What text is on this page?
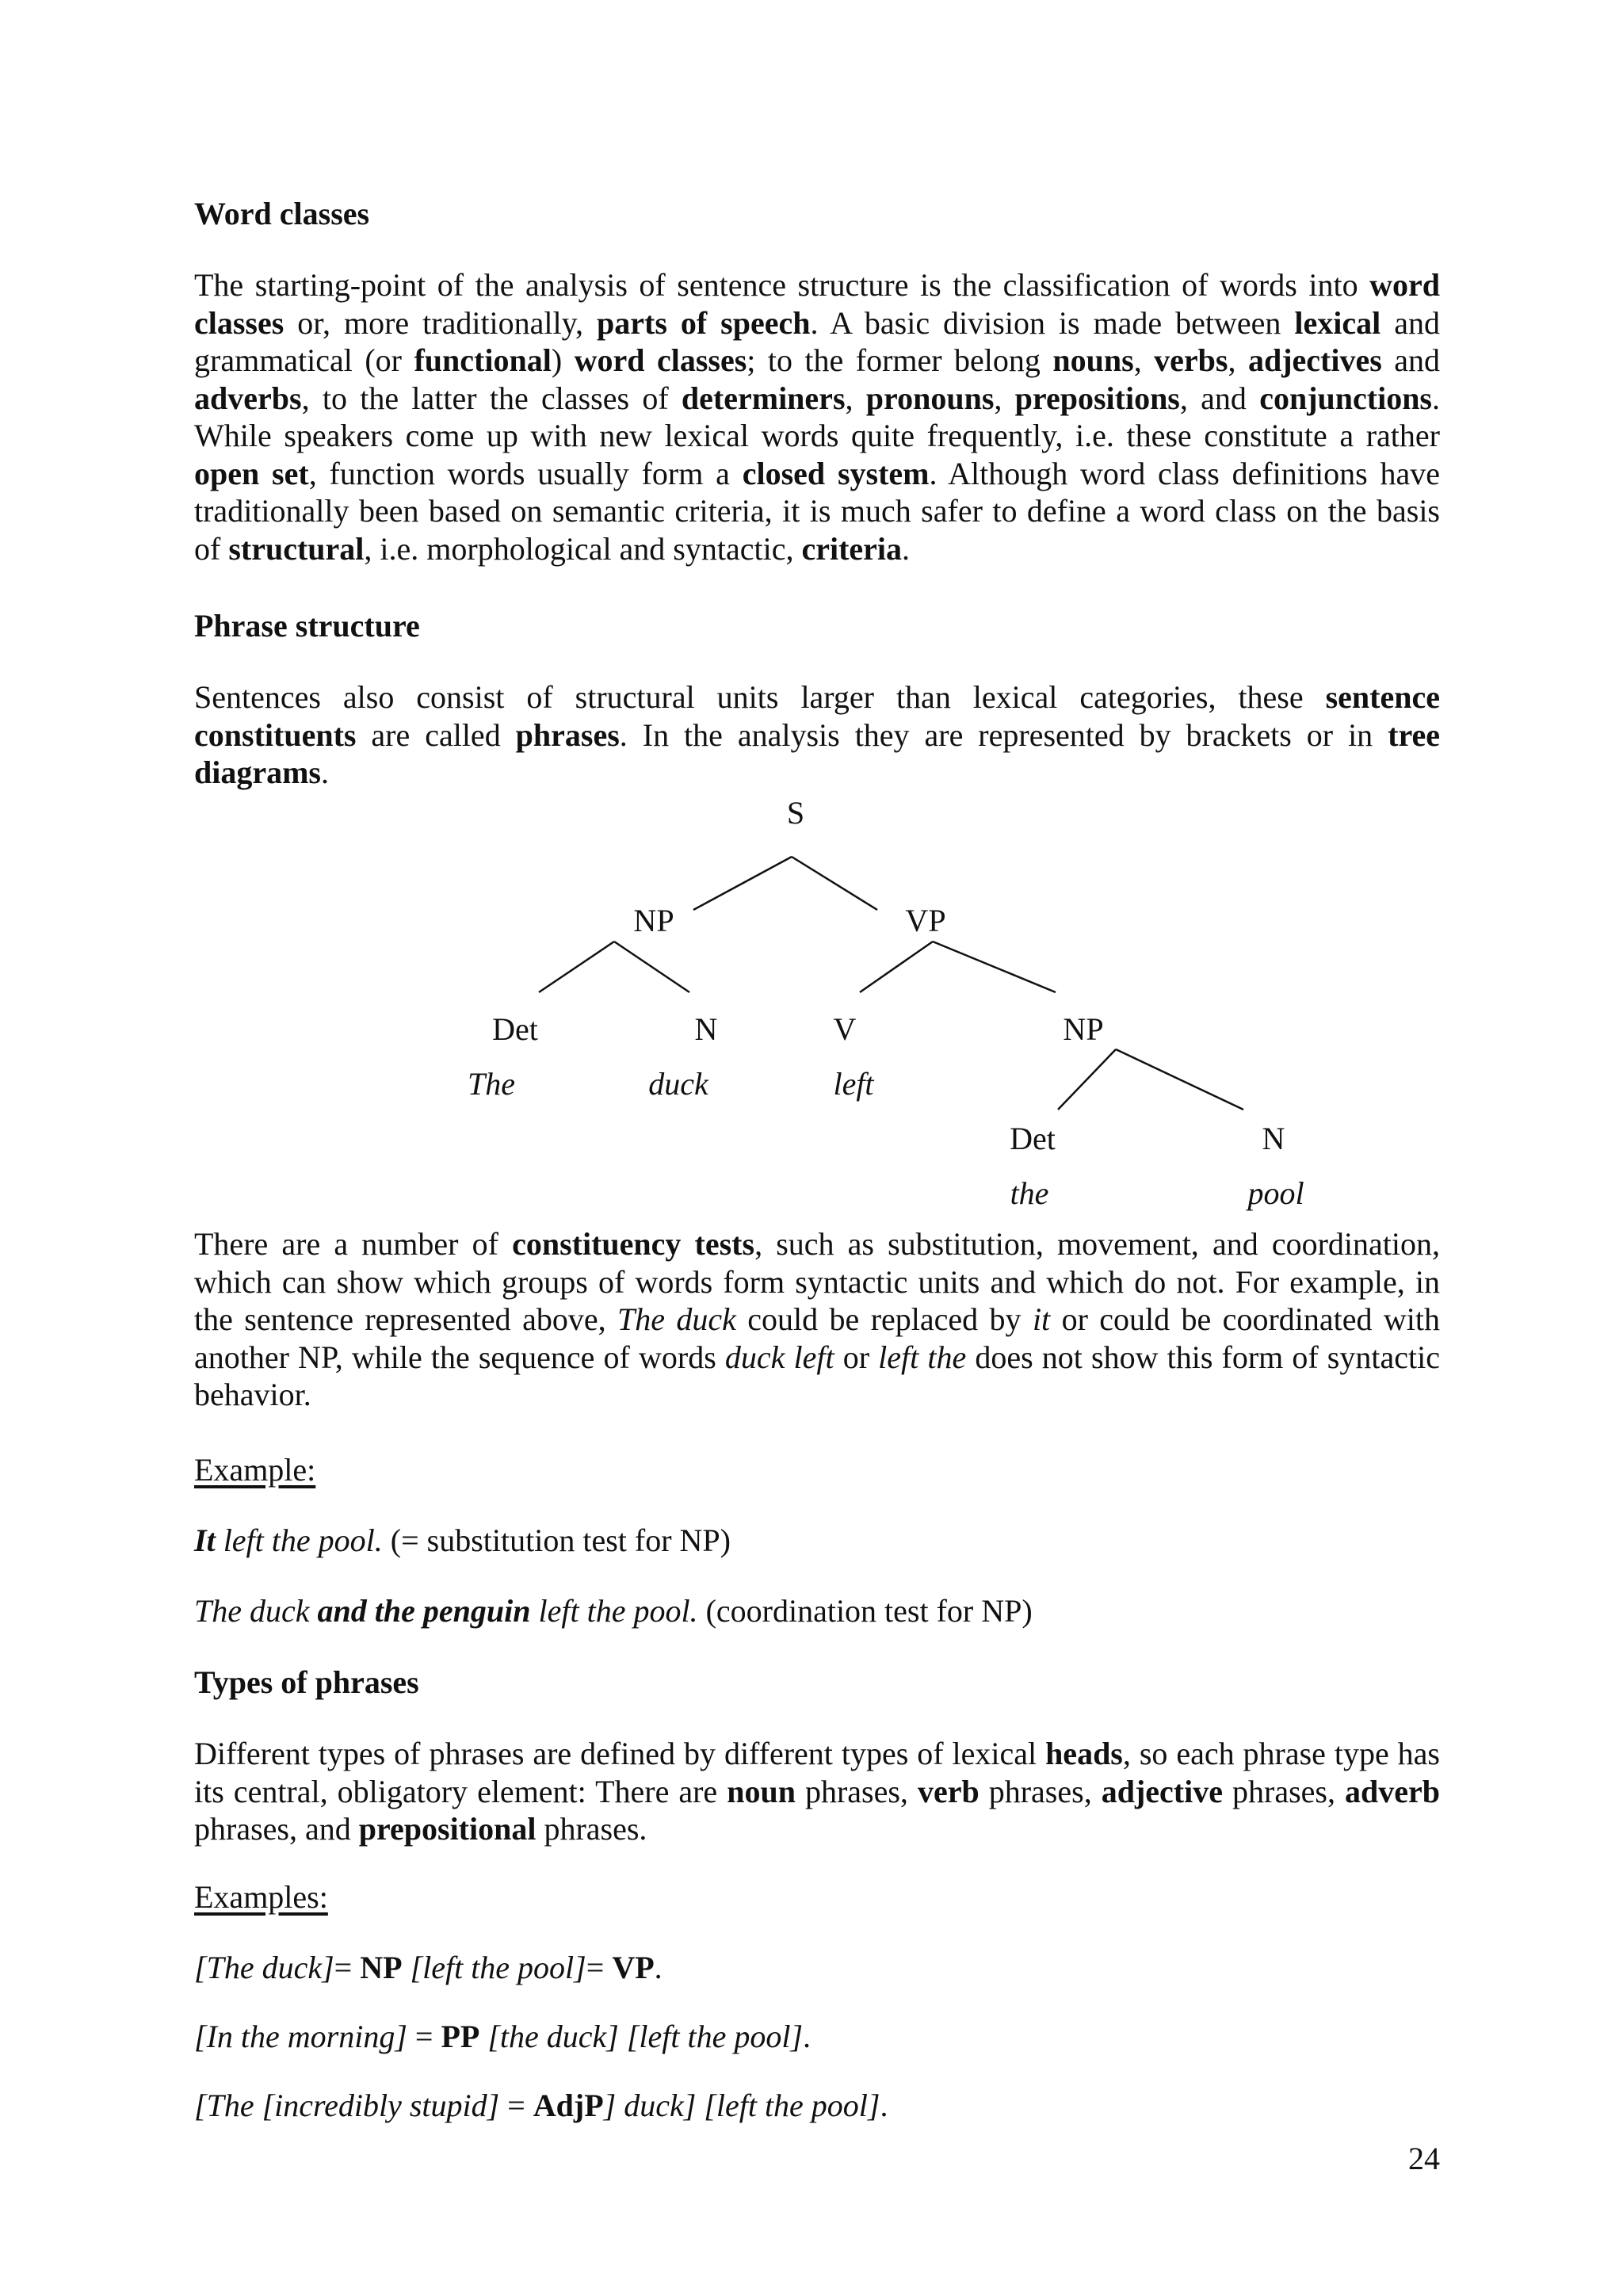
Word classes
The starting-point of the analysis of sentence structure is the classification of words into word classes or, more traditionally, parts of speech. A basic division is made between lexical and grammatical (or functional) word classes; to the former belong nouns, verbs, adjectives and adverbs, to the latter the classes of determiners, pronouns, prepositions, and conjunctions. While speakers come up with new lexical words quite frequently, i.e. these constitute a rather open set, function words usually form a closed system. Although word class definitions have traditionally been based on semantic criteria, it is much safer to define a word class on the basis of structural, i.e. morphological and syntactic, criteria.
Phrase structure
Sentences also consist of structural units larger than lexical categories, these sentence constituents are called phrases. In the analysis they are represented by brackets or in tree diagrams.
S
NP	VP
Det	N	V	NP
The	duck	left
Det	N
the	pool
There are a number of constituency tests, such as substitution, movement, and coordination, which can show which groups of words form syntactic units and which do not. For example, in the sentence represented above, The duck could be replaced by it or could be coordinated with another NP, while the sequence of words duck left or left the does not show this form of syntactic behavior.
Example:
It left the pool. (= substitution test for NP)
The duck and the penguin left the pool. (coordination test for NP)
Types of phrases
Different types of phrases are defined by different types of lexical heads, so each phrase type has its central, obligatory element: There are noun phrases, verb phrases, adjective phrases, adverb phrases, and prepositional phrases.
Examples:
[The duck]= NP [left the pool]= VP.
[In the morning] = PP [the duck] [left the pool].
[The [incredibly stupid] = AdjP] duck] [left the pool].
24
